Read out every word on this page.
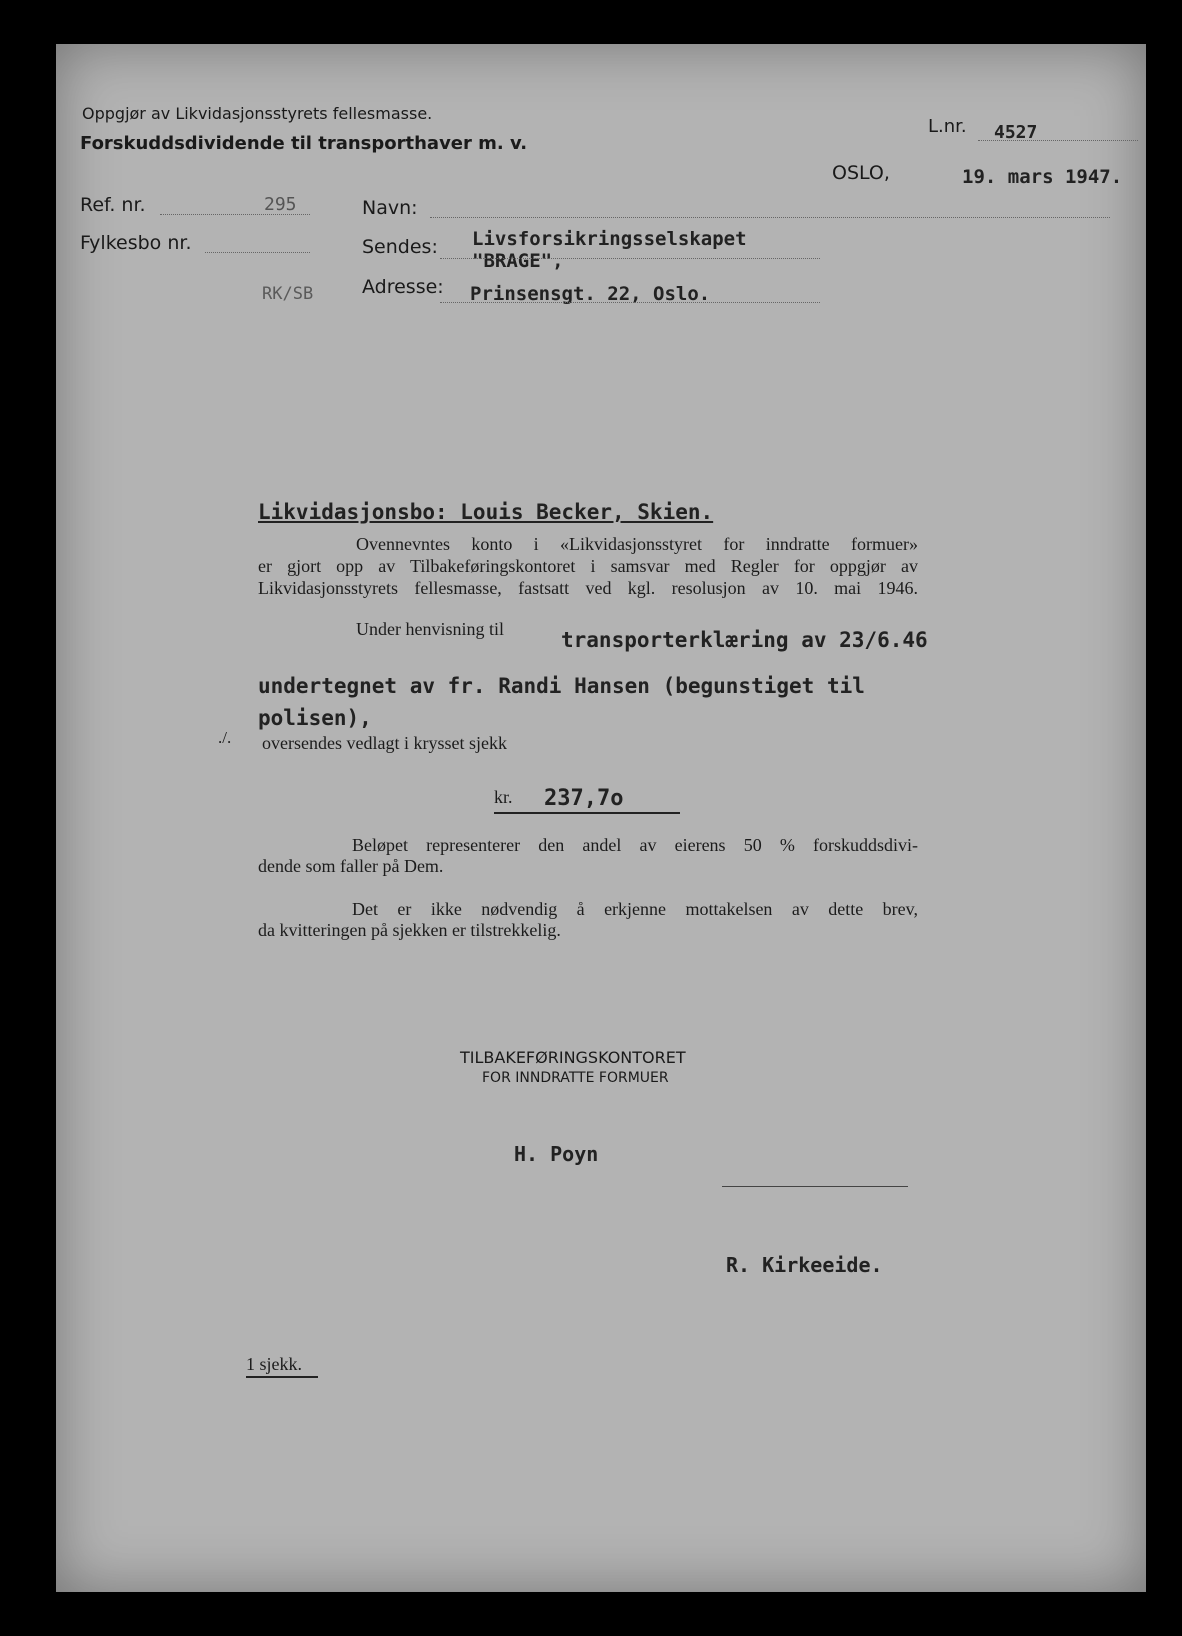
Oppgjør av Likvidasjonsstyrets fellesmasse.
Forskuddsdividende til transporthaver m. v.
L.nr. 4527
OSLO,	19. mars 1947.
Ref. nr.	295
Fylkesbo nr.
RK/SB
Navn:
Sendes: Livsforsikringsselskapet
"BRAGE",
Adresse: Prinsensgt. 22, Oslo.
Likvidasjonsbo: Louis Becker, Skien.
Ovennevntes konto i «Likvidasjonsstyret for inndratte formuer»
er gjort opp av Tilbakeføringskontoret i samsvar med Regler for oppgjør av
Likvidasjonsstyrets fellesmasse, fastsatt ved kgl. resolusjon av 10. mai 1946.
Under henvisning til	transporterklæring av 23/6.46
undertegnet av fr. Randi Hansen (begunstiget til
polisen),
./. oversendes vedlagt i krysset sjekk
kr. 237,7o
Beløpet representerer den andel av eierens 50 % forskuddsdivi-
dende som faller på Dem.
Det er ikke nødvendig å erkjenne mottakelsen av dette brev,
da kvitteringen på sjekken er tilstrekkelig.
TILBAKEFØRINGSKONTORET
FOR INNDRATTE FORMUER
H. Poyn
R. Kirkeeide.
1 sjekk.
